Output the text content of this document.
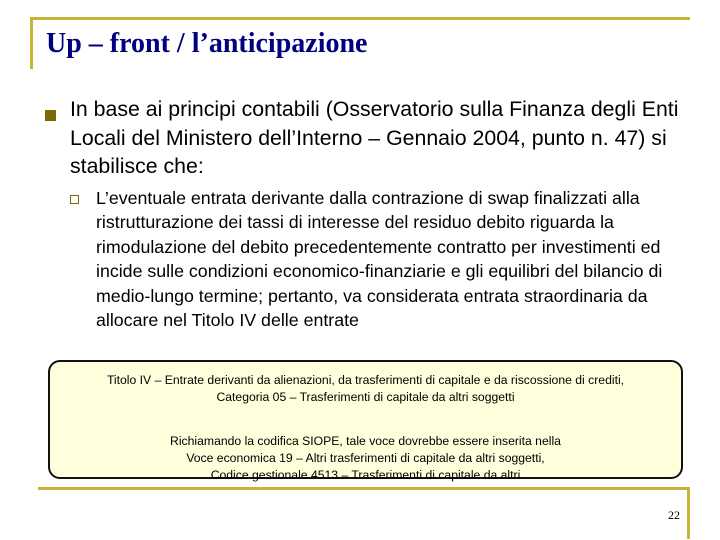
Up – front / l’anticipazione

In base ai principi contabili (Osservatorio sulla Finanza degli Enti Locali del Ministero dell’Interno – Gennaio 2004, punto n. 47) si stabilisce che:

L’eventuale entrata derivante dalla contrazione di swap finalizzati alla ristrutturazione dei tassi di interesse del residuo debito riguarda la rimodulazione del debito precedentemente contratto per investimenti ed incide sulle condizioni economico-finanziarie e gli equilibri del bilancio di medio-lungo termine; pertanto, va considerata entrata straordinaria da allocare nel Titolo IV delle entrate

Titolo IV – Entrate derivanti da alienazioni, da trasferimenti di capitale e da riscossione di crediti,

Categoria 05 – Trasferimenti di capitale da altri soggetti

Richiamando la codifica SIOPE, tale voce dovrebbe essere inserita nella

Voce economica 19 – Altri trasferimenti di capitale da altri soggetti,

Codice gestionale 4513 – Trasferimenti di capitale da altri

22
